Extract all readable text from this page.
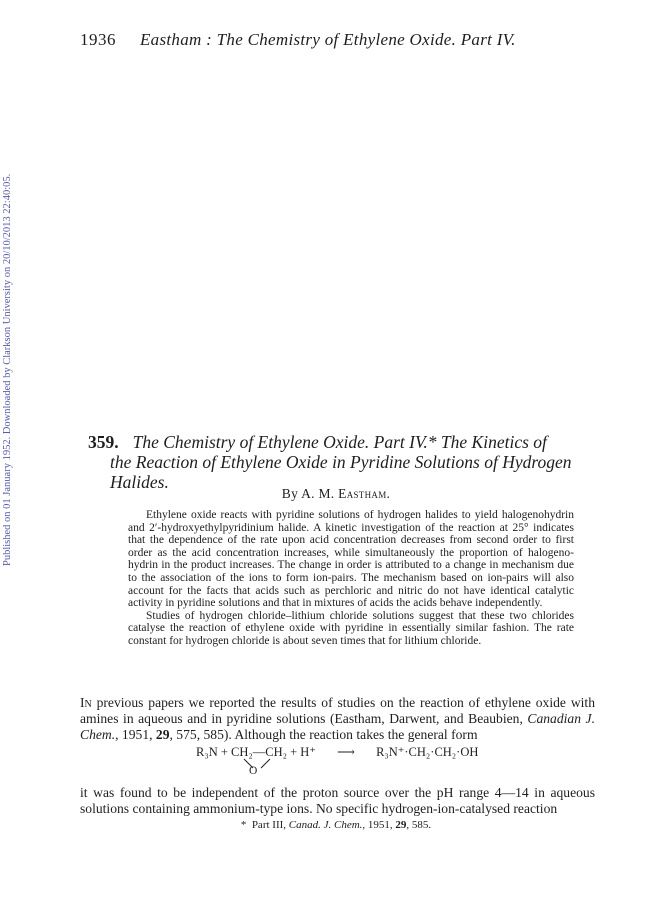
1936 Eastham : The Chemistry of Ethylene Oxide. Part IV.
Published on 01 January 1952. Downloaded by Clarkson University on 20/10/2013 22:40:05.	359. The Chemistry of Ethylene Oxide. Part IV.* The Kinetics of
the Reaction of Ethylene Oxide in Pyridine Solutions of Hydrogen
Halides.
By A. M. Eastham.

Ethylene oxide reacts with pyridine solutions of hydrogen halides to yield halogenohydrin and 2′-hydroxyethylpyridinium halide. A kinetic investigation of the reaction at 25° indicates that the dependence of the rate upon acid concentration decreases from second order to first order as the acid concentration increases, while simultaneously the proportion of halogeno-hydrin in the product increases. The change in order is attributed to a change in mechanism due to the association of the ions to form ion-pairs. The mechanism based on ion-pairs will also account for the facts that acids such as perchloric and nitric do not have identical catalytic activity in pyridine solutions and that in mixtures of acids the acids behave independently.

Studies of hydrogen chloride–lithium chloride solutions suggest that these two chlorides catalyse the reaction of ethylene oxide with pyridine in essentially similar fashion. The rate constant for hydrogen chloride is about seven times that for lithium chloride.

In previous papers we reported the results of studies on the reaction of ethylene oxide with amines in aqueous and in pyridine solutions (Eastham, Darwent, and Beaubien, Canadian J. Chem., 1951, 29, 575, 585). Although the reaction takes the general form
R₃N + CH₂—CH₂ + H⁺ ⟶ R₃N⁺·CH₂·CH₂·OH
O
it was found to be independent of the proton source over the pH range 4—14 in aqueous solutions containing ammonium-type ions. No specific hydrogen-ion-catalysed reaction
* Part III, Canad. J. Chem., 1951, 29, 585.
